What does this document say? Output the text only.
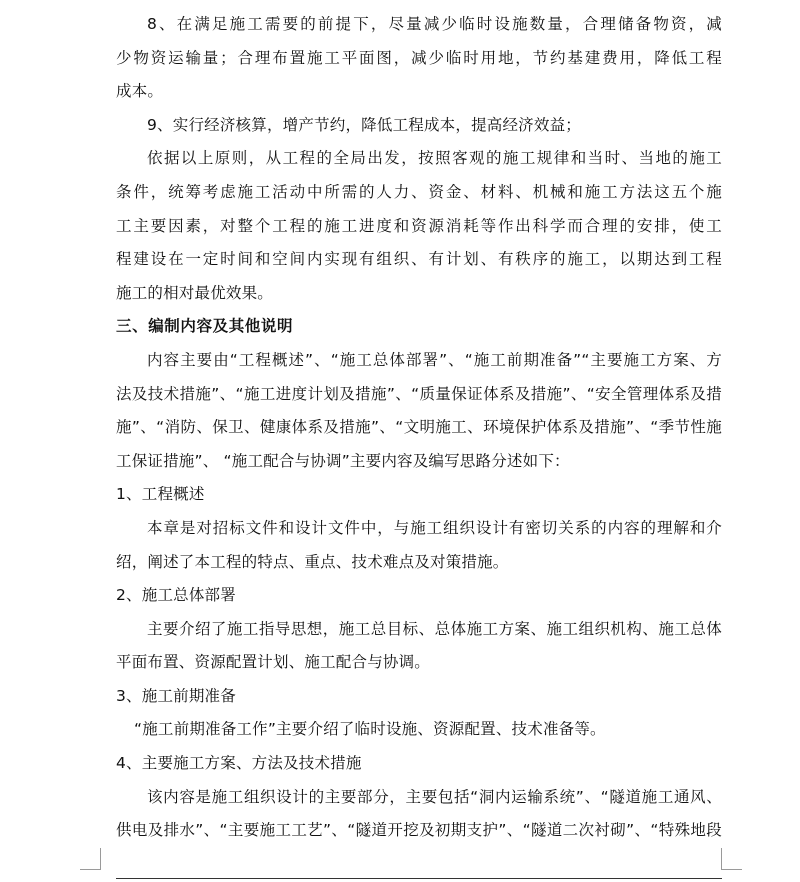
8、在满足施工需要的前提下，尽量减少临时设施数量，合理储备物资，减
少物资运输量；合理布置施工平面图，减少临时用地，节约基建费用，降低工程
成本。
9、实行经济核算，增产节约，降低工程成本，提高经济效益；
依据以上原则，从工程的全局出发，按照客观的施工规律和当时、当地的施工
条件，统筹考虑施工活动中所需的人力、资金、材料、机械和施工方法这五个施
工主要因素，对整个工程的施工进度和资源消耗等作出科学而合理的安排，使工
程建设在一定时间和空间内实现有组织、有计划、有秩序的施工，以期达到工程
施工的相对最优效果。
三、编制内容及其他说明
内容主要由“工程概述”、“施工总体部署”、“施工前期准备”“主要施工方案、方
法及技术措施”、“施工进度计划及措施”、“质量保证体系及措施”、“安全管理体系及措
施”、“消防、保卫、健康体系及措施”、“文明施工、环境保护体系及措施”、“季节性施
工保证措施”、 “施工配合与协调”主要内容及编写思路分述如下：
1、工程概述
本章是对招标文件和设计文件中，与施工组织设计有密切关系的内容的理解和介
绍，阐述了本工程的特点、重点、技术难点及对策措施。
2、施工总体部署
主要介绍了施工指导思想，施工总目标、总体施工方案、施工组织机构、施工总体
平面布置、资源配置计划、施工配合与协调。
3、施工前期准备
“施工前期准备工作”主要介绍了临时设施、资源配置、技术准备等。
4、主要施工方案、方法及技术措施
该内容是施工组织设计的主要部分，主要包括“洞内运输系统”、“隧道施工通风、
供电及排水”、“主要施工工艺”、“隧道开挖及初期支护”、“隧道二次衬砌”、“特殊地段
